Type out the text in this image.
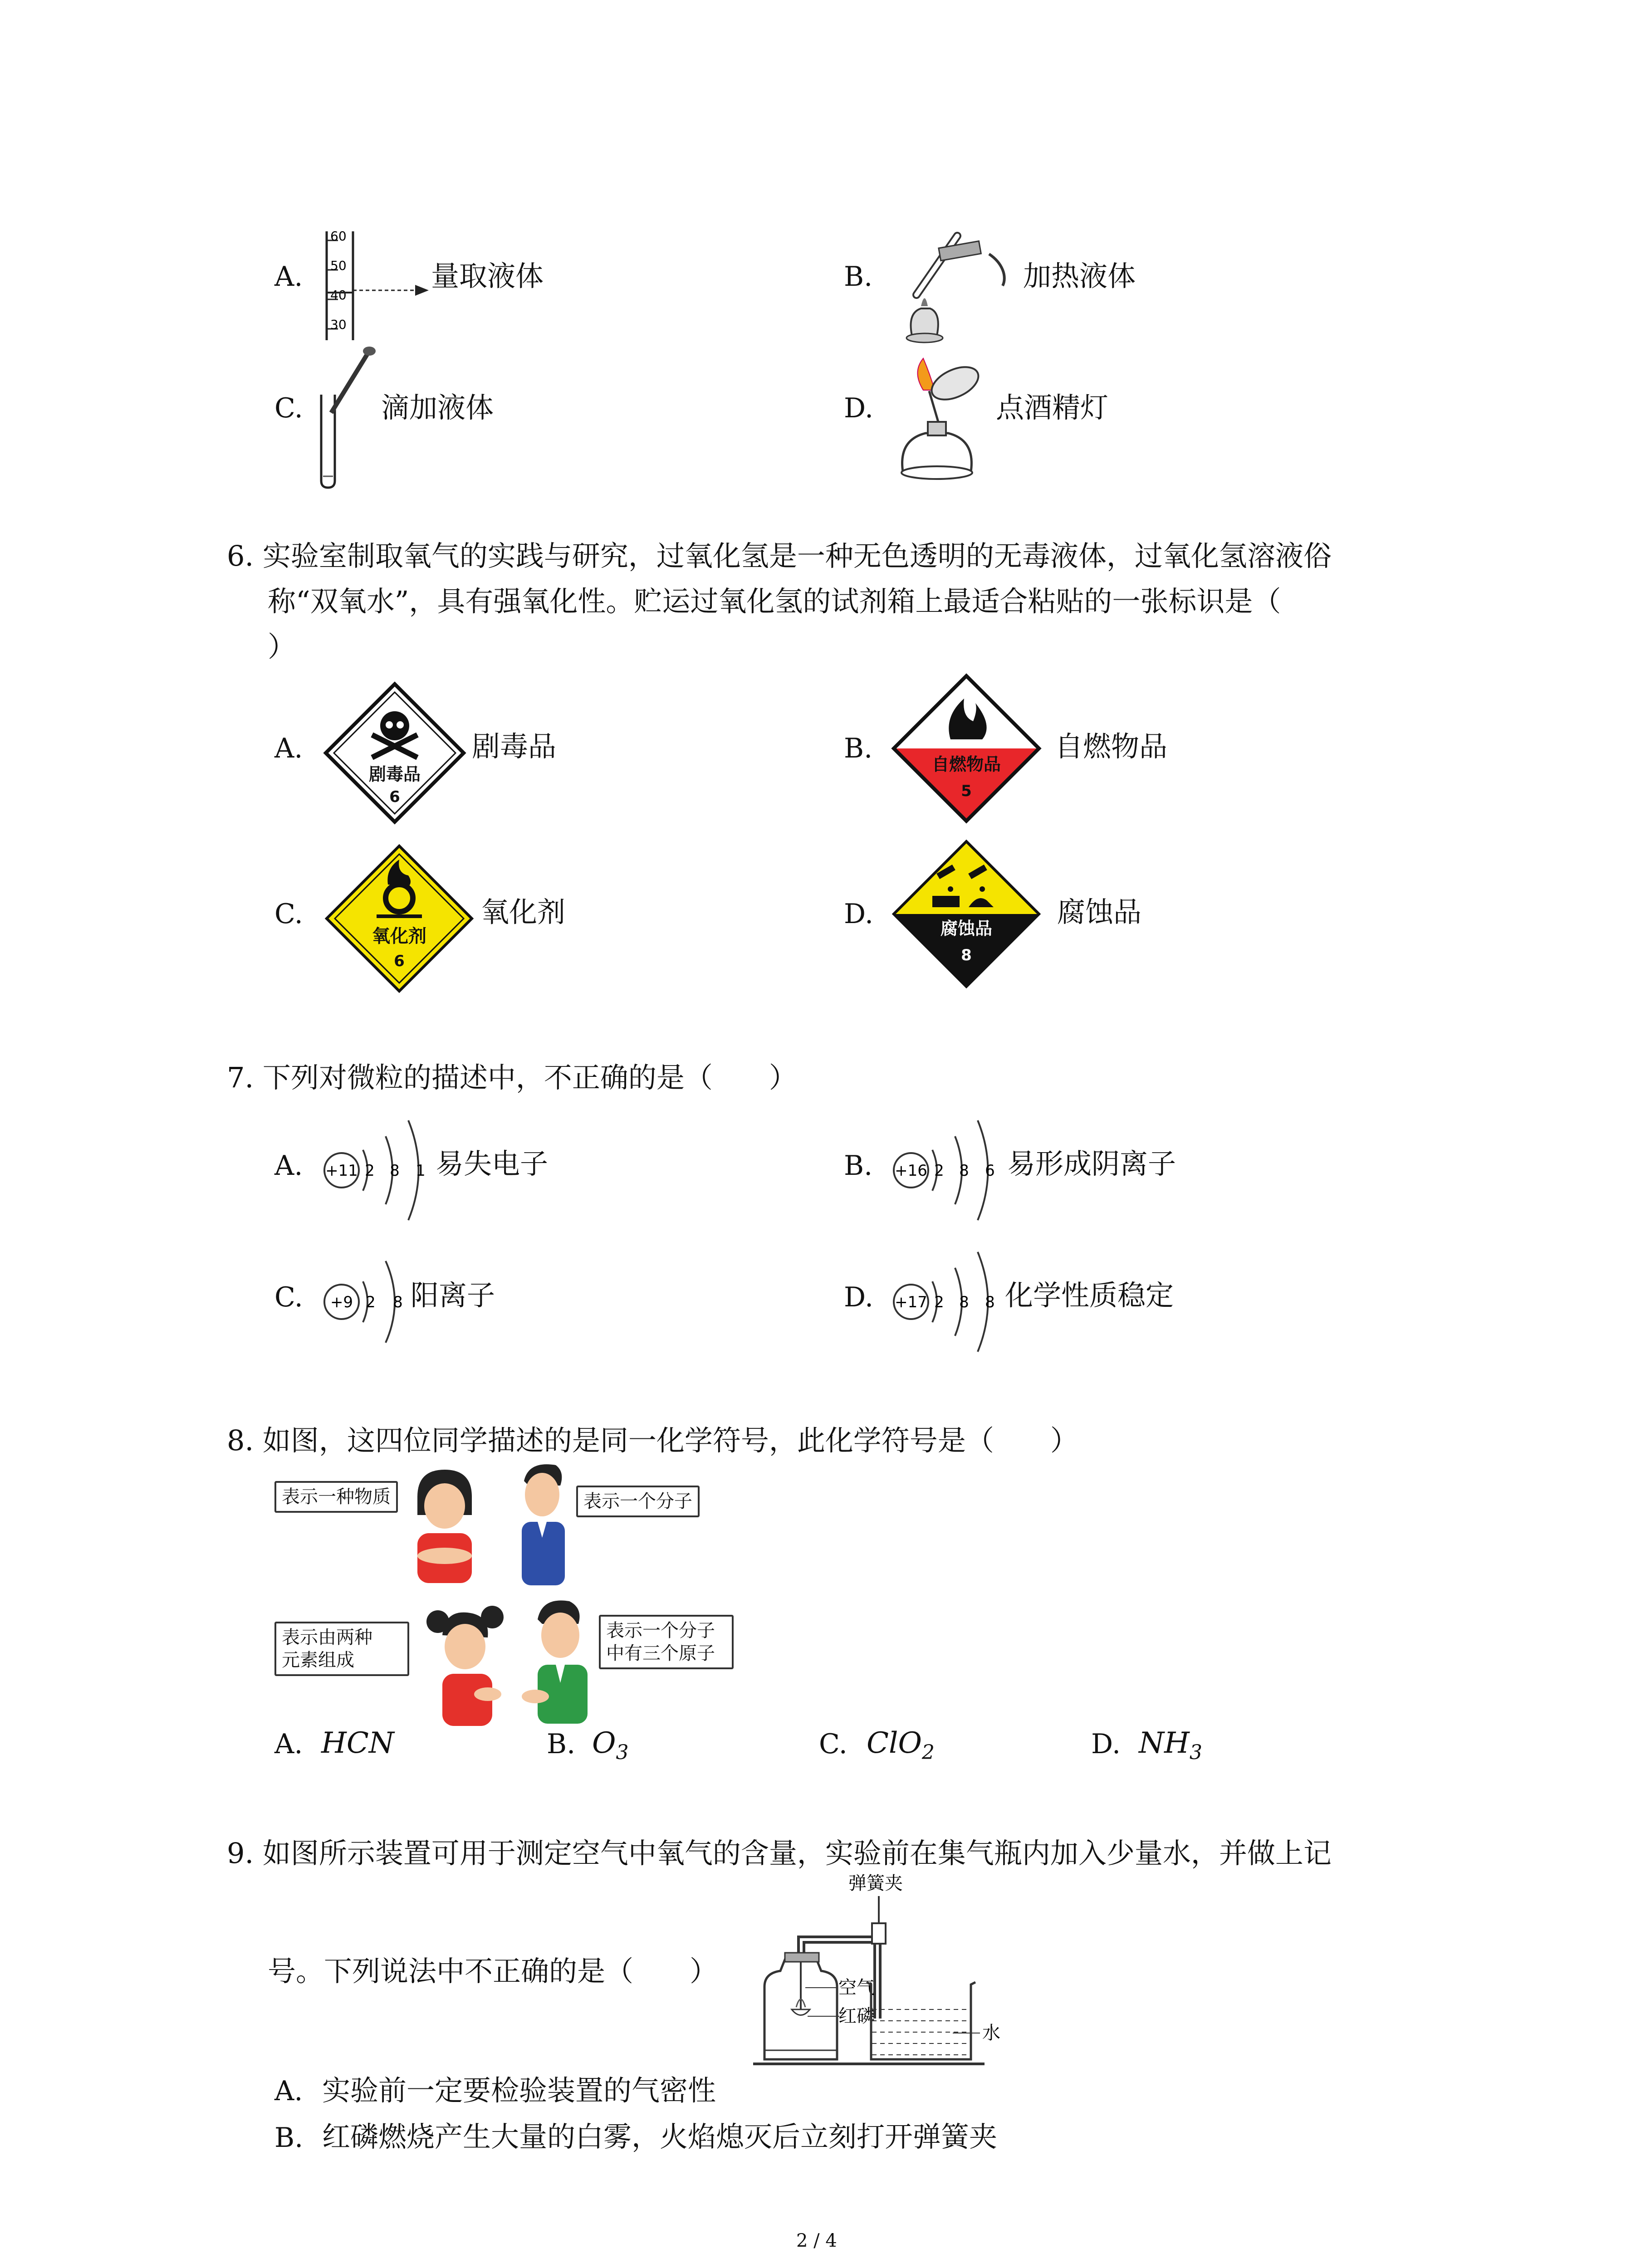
A.
60
50
40
30
量取液体	B.	加热液体
C.	滴加液体	D.	点酒精灯
6. 实验室制取氧气的实践与研究，过氧化氢是一种无色透明的无毒液体，过氧化氢溶液俗
称“双氧水”，具有强氧化性。贮运过氧化氢的试剂箱上最适合粘贴的一张标识是（
）
A.
剧毒品
6
剧毒品	B.	自燃物品
5
自燃物品
C.
氧化剂
6
氧化剂	D.	腐蚀品
8
腐蚀品
7. 下列对微粒的描述中，不正确的是（　　）
A. +11 2 8 1 易失电子	B. +16 2 8 6 易形成阴离子
C. +9 2 8 阳离子	D. +17 2 8 8 化学性质稳定
8. 如图，这四位同学描述的是同一化学符号，此化学符号是（　　）
表示一种物质	表示一个分子
表示由两种
元素组成
表示一个分子
中有三个原子
A. HCN	B. $O_3$	C. ClO$_2$	D. $NH_3$
9. 如图所示装置可用于测定空气中氧气的含量，实验前在集气瓶内加入少量水，并做上记
号。下列说法中不正确的是（　　）
弹簧夹
空气
红磷
水
A. 实验前一定要检验装置的气密性
B. 红磷燃烧产生大量的白雾，火焰熄灭后立刻打开弹簧夹
2 / 4
